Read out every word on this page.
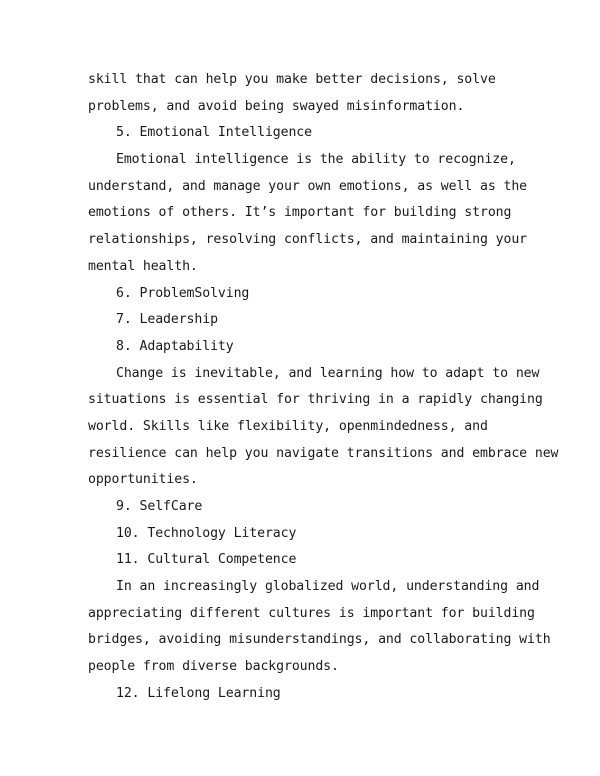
skill that can help you make better decisions, solve
problems, and avoid being swayed misinformation.
5. Emotional Intelligence
Emotional intelligence is the ability to recognize,
understand, and manage your own emotions, as well as the
emotions of others. It’s important for building strong
relationships, resolving conflicts, and maintaining your
mental health.
6. ProblemSolving
7. Leadership
8. Adaptability
Change is inevitable, and learning how to adapt to new
situations is essential for thriving in a rapidly changing
world. Skills like flexibility, openmindedness, and
resilience can help you navigate transitions and embrace new
opportunities.
9. SelfCare
10. Technology Literacy
11. Cultural Competence
In an increasingly globalized world, understanding and
appreciating different cultures is important for building
bridges, avoiding misunderstandings, and collaborating with
people from diverse backgrounds.
12. Lifelong Learning
